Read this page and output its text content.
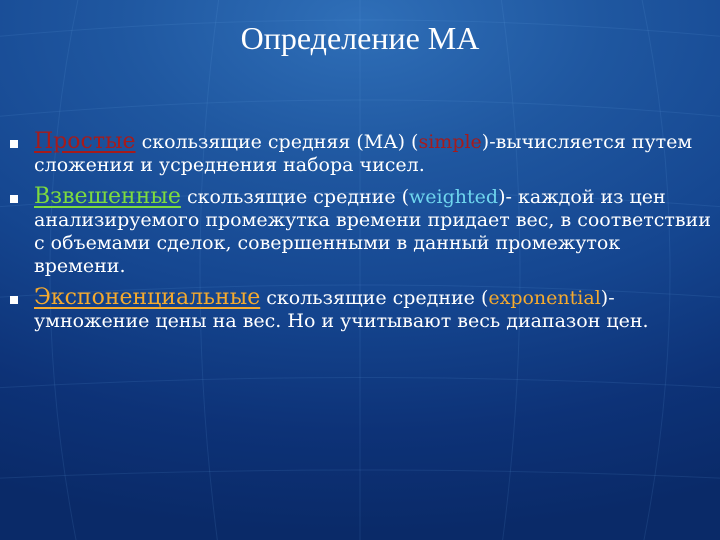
Определение МА
Простые скользящие средняя (МА) (simple)-вычисляется путем сложения и усреднения набора чисел.
Взвешенные скользящие средние (weighted)- каждой из цен анализируемого промежутка времени придает вес, в соответствии с объемами сделок, совершенными в данный промежуток времени.
Экспоненциальные скользящие средние (exponential)- умножение цены на вес. Но и учитывают весь диапазон цен.
